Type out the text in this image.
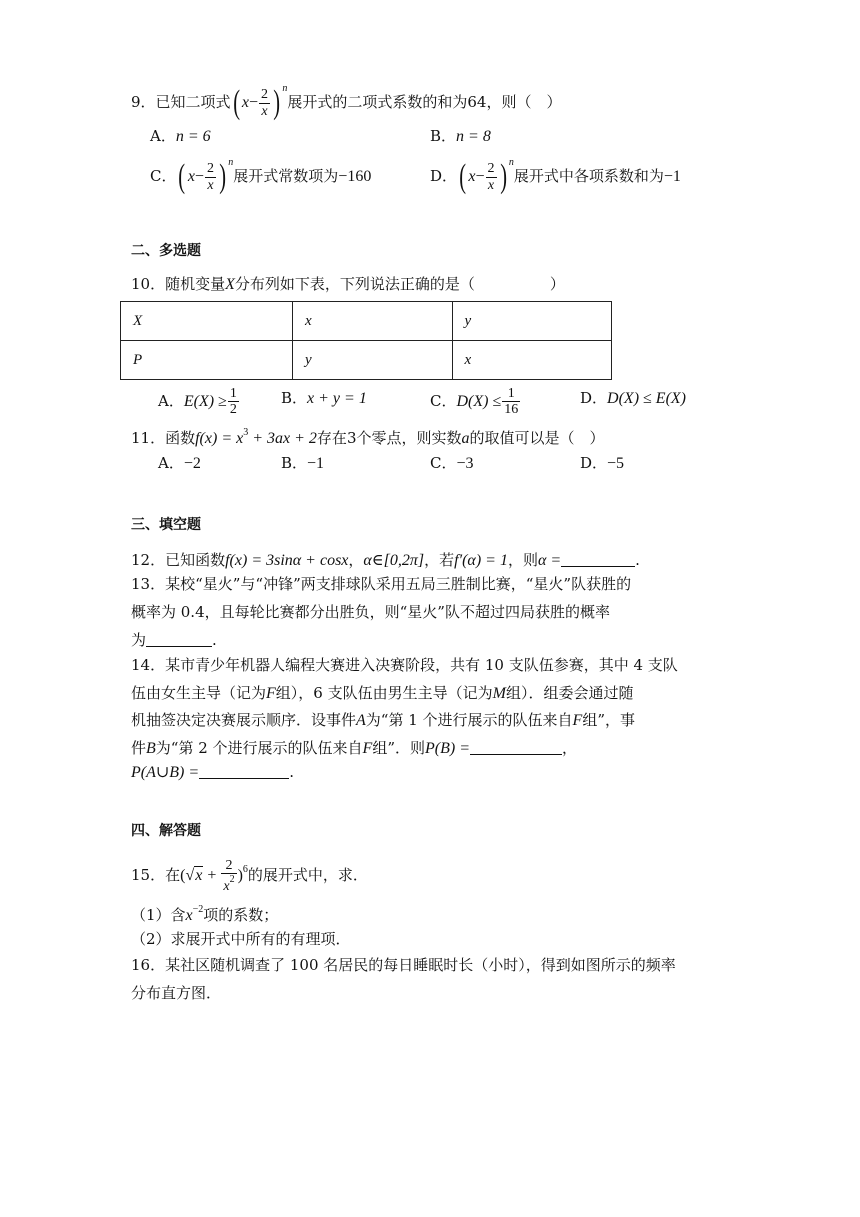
9．已知二项式( $x- \frac{2}{x}$ ) $^n$展开式的二项式系数的和为64，则（　）
A．n = 6	B．n = 8
C．( $x- \frac{2}{x}$ ) $^n$展开式常数项为−160	D．( $x- \frac{2}{x}$ ) $^n$展开式中各项系数和为−1
二、多选题
10．随机变量X分布列如下表，下列说法正确的是（　　　　　）
X	x	y
P	y	x
A．$E(X) \ge \frac{1}{2}$	B．x + y = 1	C．$D(X) \le \frac{1}{16}$	D．D(X) ≤ E(X)
11．函数$f(x) = x^3 + 3ax + 2$存在3个零点，则实数a的取值可以是（　）
A．−2	B．−1	C．−3	D．−5
三、填空题
12．已知函数f(x) = 3sinα + cosx，α∈[0,2π]，若f′(α) = 1，则α =	.
13．某校“星火”与“冲锋”两支排球队采用五局三胜制比赛，“星火”队获胜的
概率为 0.4，且每轮比赛都分出胜负，则“星火”队不超过四局获胜的概率
为	.
14．某市青少年机器人编程大赛进入决赛阶段，共有 10 支队伍参赛，其中 4 支队
伍由女生主导（记为F组），6 支队伍由男生主导（记为M组）．组委会通过随
机抽签决定决赛展示顺序．设事件A为“第 1 个进行展示的队伍来自F组”，事
件B为“第 2 个进行展示的队伍来自F组”．则P(B) =	，
P(A∪B) =	.
四、解答题
15．在$(√x + \frac{2}{x^2} )^6$的展开式中，求．
（1）含$x^{-2}$项的系数；
（2）求展开式中所有的有理项．
16．某社区随机调查了 100 名居民的每日睡眠时长（小时），得到如图所示的频率
分布直方图．
